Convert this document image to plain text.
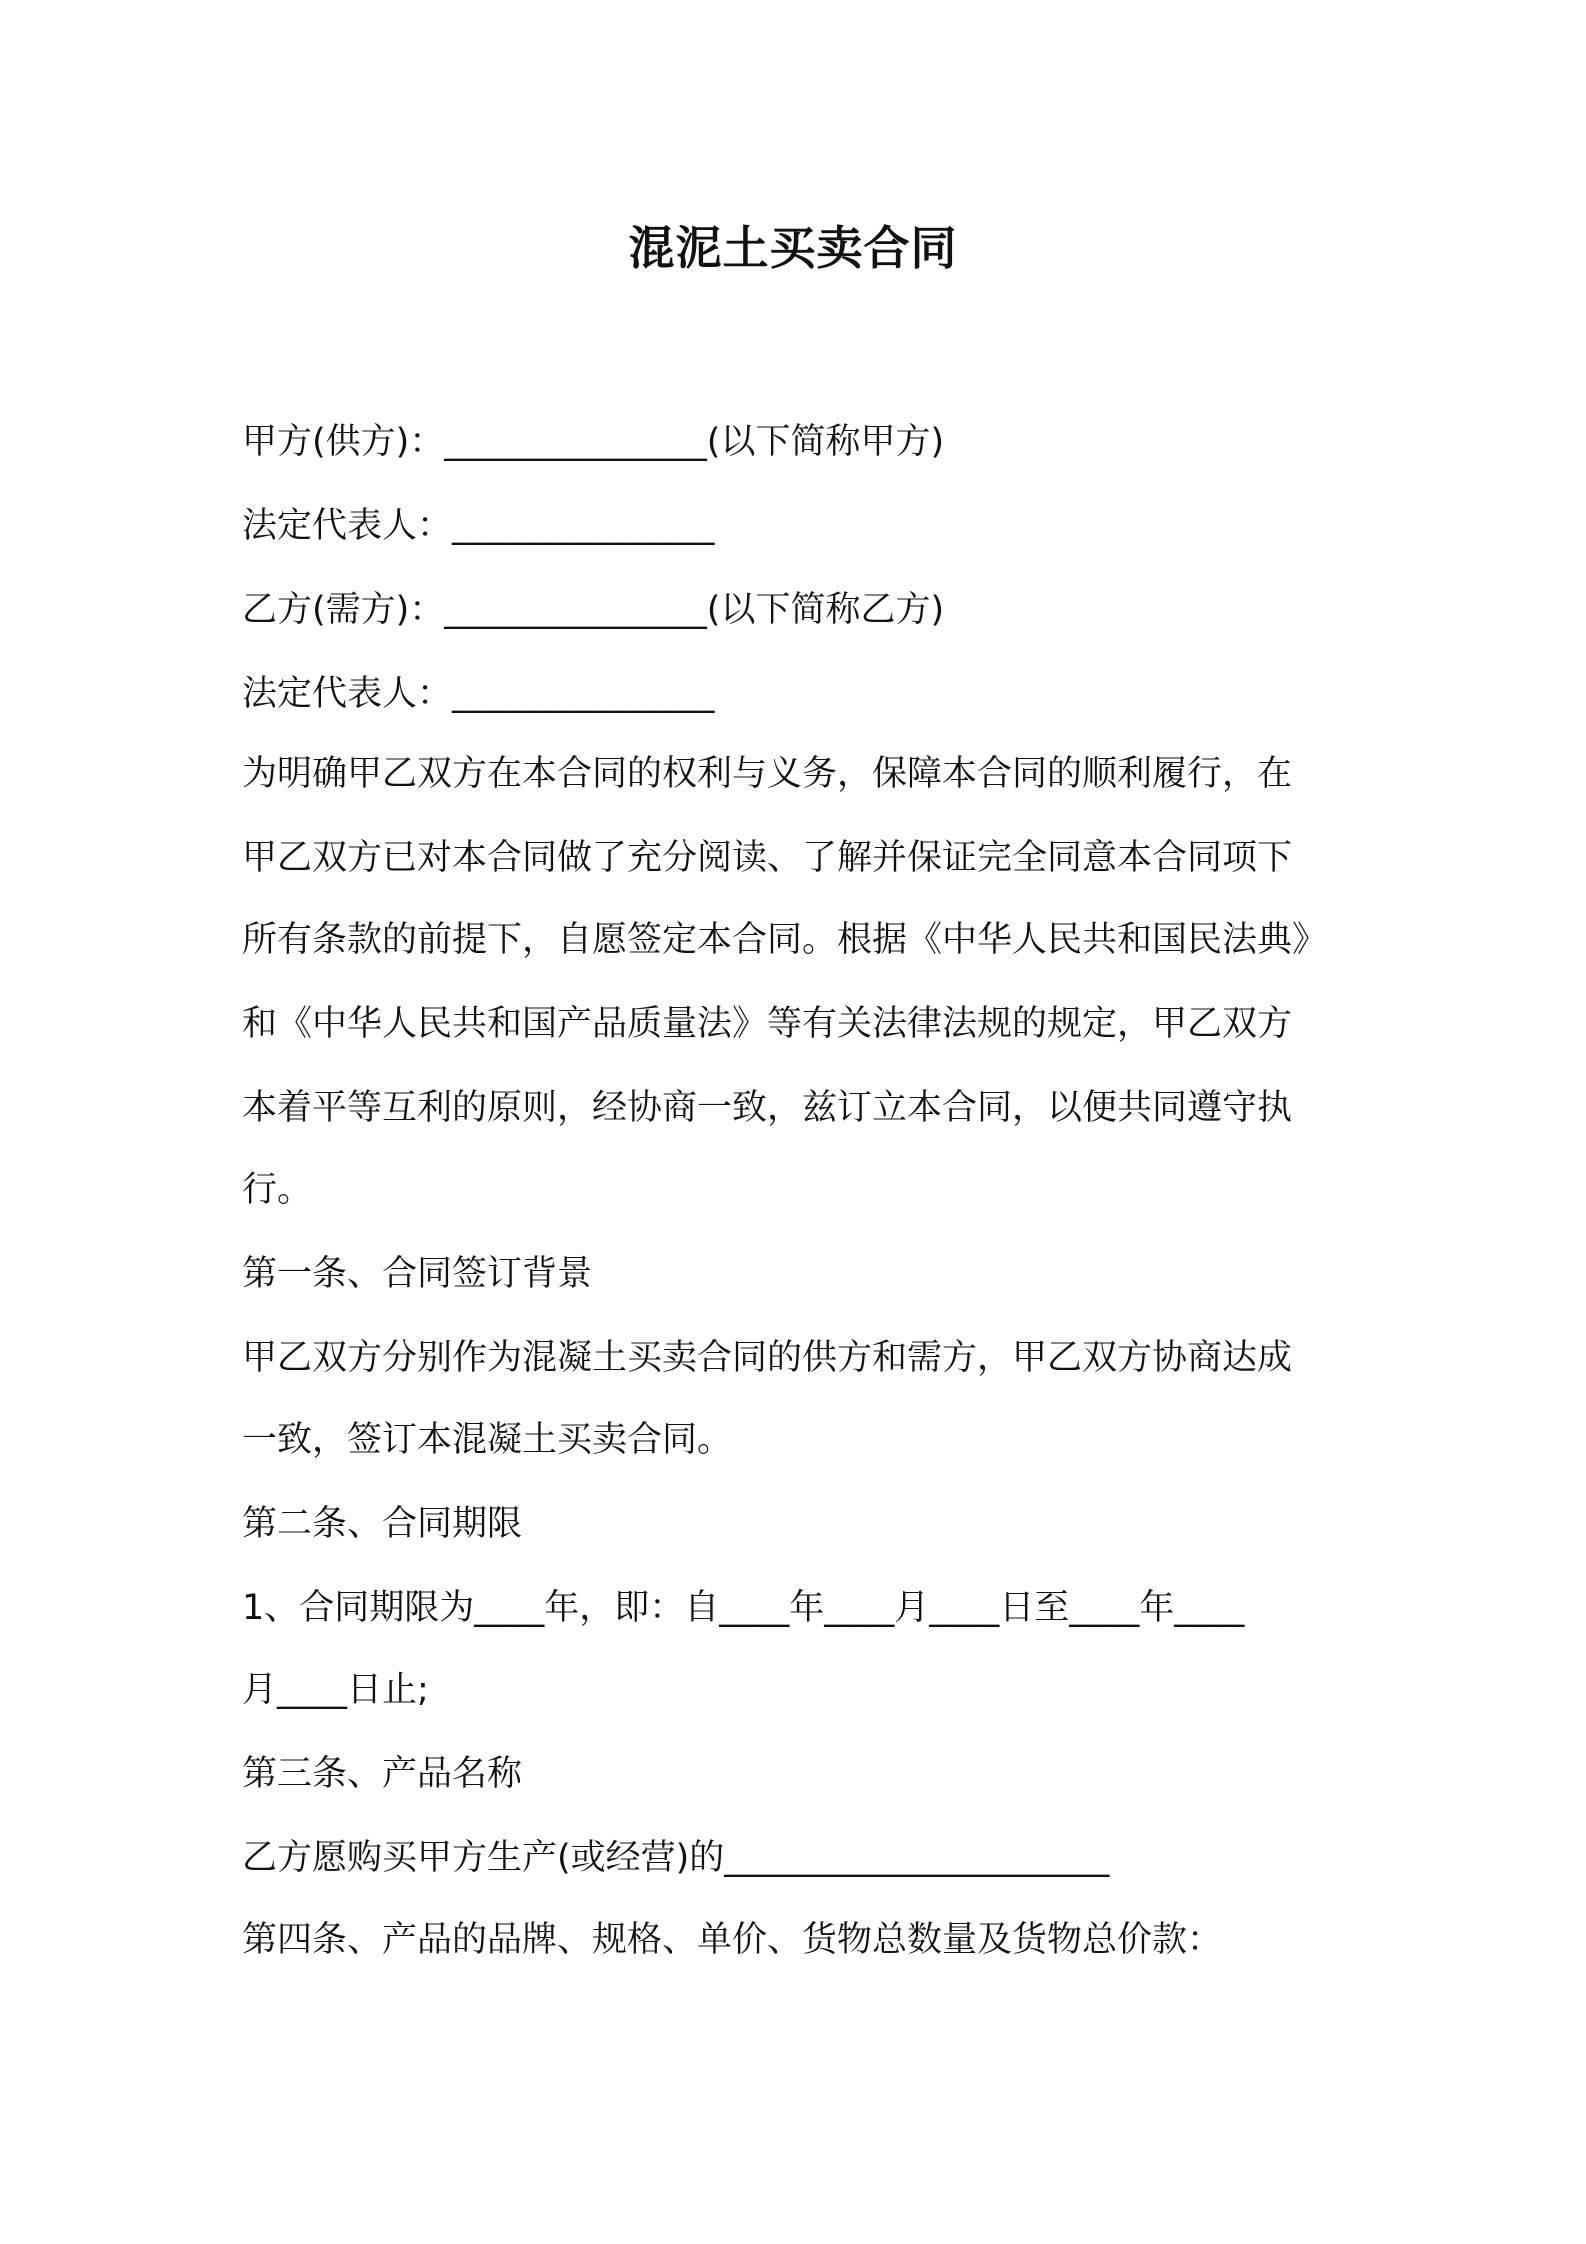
混泥土买卖合同
甲方(供方)：_______________(以下简称甲方)
法定代表人：_______________
乙方(需方)：_______________(以下简称乙方)
法定代表人：_______________
为明确甲乙双方在本合同的权利与义务，保障本合同的顺利履行，在
甲乙双方已对本合同做了充分阅读、了解并保证完全同意本合同项下
所有条款的前提下，自愿签定本合同。根据《中华人民共和国民法典》
和《中华人民共和国产品质量法》等有关法律法规的规定，甲乙双方
本着平等互利的原则，经协商一致，兹订立本合同，以便共同遵守执
行。
第一条、合同签订背景
甲乙双方分别作为混凝土买卖合同的供方和需方，甲乙双方协商达成
一致，签订本混凝土买卖合同。
第二条、合同期限
1、合同期限为____年，即：自____年____月____日至____年____
月____日止;
第三条、产品名称
乙方愿购买甲方生产(或经营)的______________________
第四条、产品的品牌、规格、单价、货物总数量及货物总价款：
